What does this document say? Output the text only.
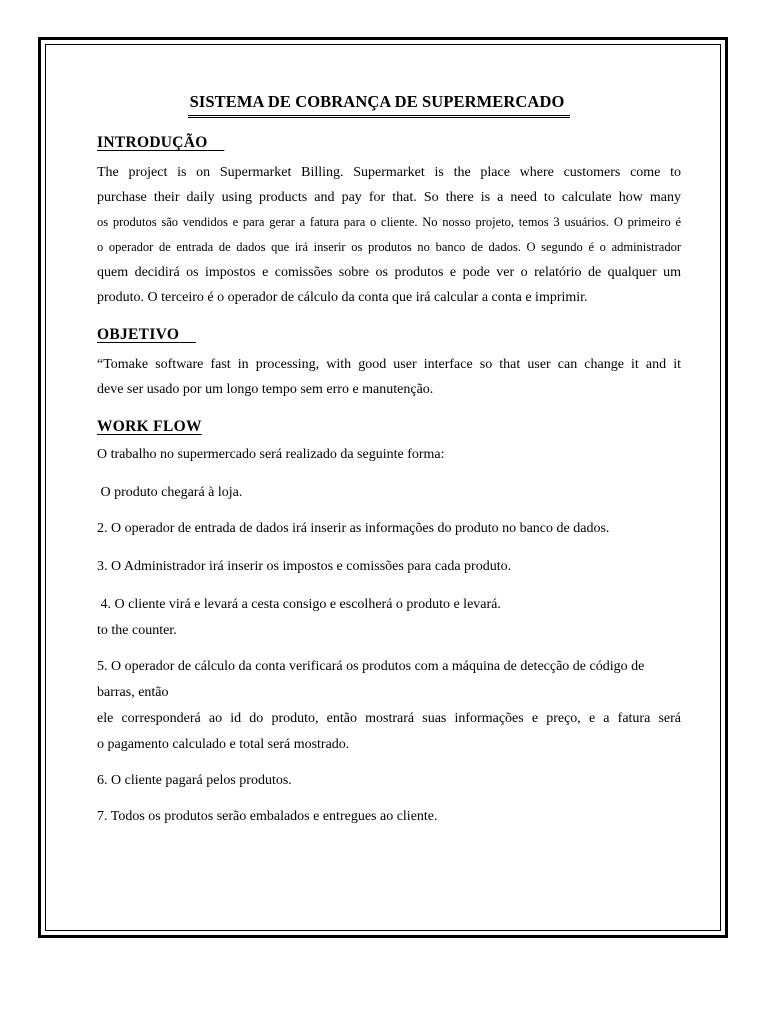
SISTEMA DE COBRANÇA DE SUPERMERCADO
INTRODUÇÃO

The project is on Supermarket Billing. Supermarket is the place where customers come to

purchase their daily using products and pay for that. So there is a need to calculate how many

os produtos são vendidos e para gerar a fatura para o cliente. No nosso projeto, temos 3 usuários. O primeiro é

o operador de entrada de dados que irá inserir os produtos no banco de dados. O segundo é o administrador

quem decidirá os impostos e comissões sobre os produtos e pode ver o relatório de qualquer um

produto. O terceiro é o operador de cálculo da conta que irá calcular a conta e imprimir.

OBJETIVO

“Tomake software fast in processing, with good user interface so that user can change it and it

deve ser usado por um longo tempo sem erro e manutenção.

WORK FLOW

O trabalho no supermercado será realizado da seguinte forma:

O produto chegará à loja.

2. O operador de entrada de dados irá inserir as informações do produto no banco de dados.

3. O Administrador irá inserir os impostos e comissões para cada produto.

4. O cliente virá e levará a cesta consigo e escolherá o produto e levará.

to the counter.

5. O operador de cálculo da conta verificará os produtos com a máquina de detecção de código de barras, então

ele corresponderá ao id do produto, então mostrará suas informações e preço, e a fatura será

o pagamento calculado e total será mostrado.

6. O cliente pagará pelos produtos.

7. Todos os produtos serão embalados e entregues ao cliente.
